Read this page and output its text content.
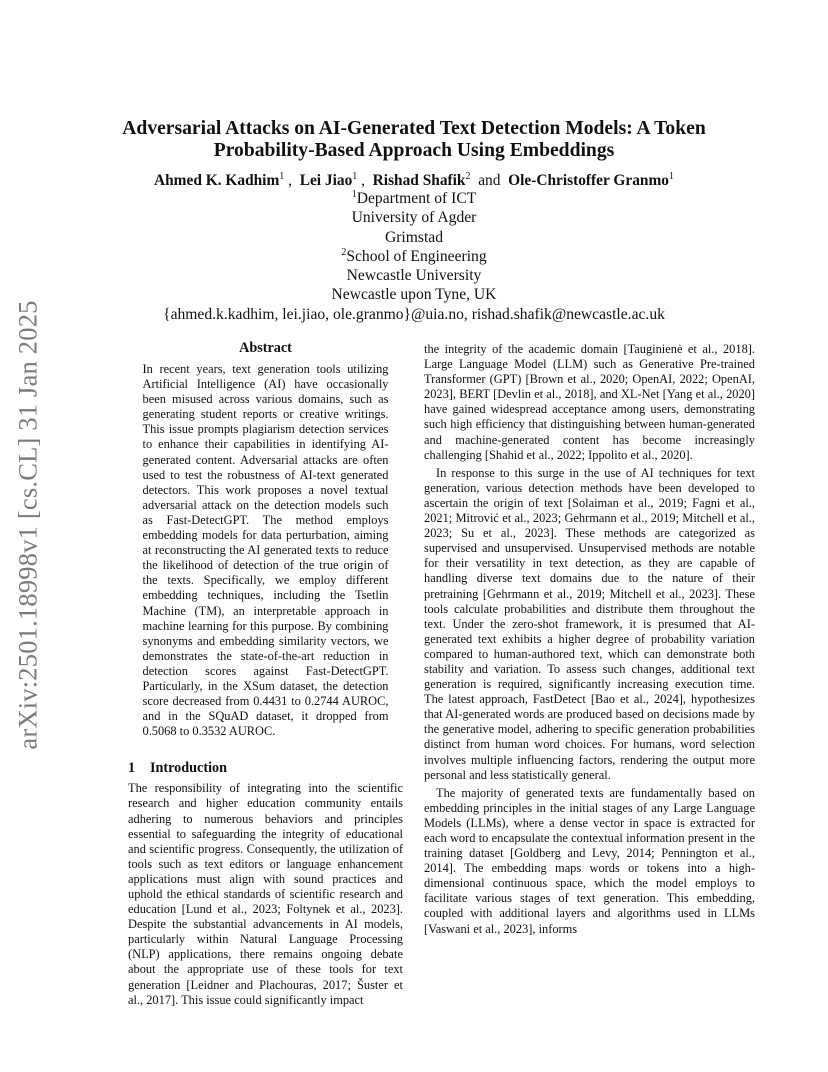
arXiv:2501.18998v1 [cs.CL] 31 Jan 2025
Adversarial Attacks on AI-Generated Text Detection Models: A Token
Probability-Based Approach Using Embeddings
Ahmed K. Kadhim$^1$ ,  Lei Jiao$^1$ ,  Rishad Shafik$^2$ and Ole-Christoffer Granmo$^1$
$^1$Department of ICT
University of Agder
Grimstad
$^2$School of Engineering
Newcastle University
Newcastle upon Tyne, UK
{ahmed.k.kadhim, lei.jiao, ole.granmo}@uia.no, rishad.shafik@newcastle.ac.uk
Abstract

In recent years, text generation tools utilizing Artificial Intelligence (AI) have occasionally been misused across various domains, such as generating student reports or creative writings. This issue prompts plagiarism detection services to enhance their capabilities in identifying AI-generated content. Adversarial attacks are often used to test the robustness of AI-text generated detectors. This work proposes a novel textual adversarial attack on the detection models such as Fast-DetectGPT. The method employs embedding models for data perturbation, aiming at reconstructing the AI generated texts to reduce the likelihood of detection of the true origin of the texts. Specifically, we employ different embedding techniques, including the Tsetlin Machine (TM), an interpretable approach in machine learning for this purpose. By combining synonyms and embedding similarity vectors, we demonstrates the state-of-the-art reduction in detection scores against Fast-DetectGPT. Particularly, in the XSum dataset, the detection score decreased from 0.4431 to 0.2744 AUROC, and in the SQuAD dataset, it dropped from 0.5068 to 0.3532 AUROC.

1 Introduction

The responsibility of integrating into the scientific research and higher education community entails adhering to numerous behaviors and principles essential to safeguarding the integrity of educational and scientific progress. Consequently, the utilization of tools such as text editors or language enhancement applications must align with sound practices and uphold the ethical standards of scientific research and education [Lund et al., 2023; Foltynek et al., 2023]. Despite the substantial advancements in AI models, particularly within Natural Language Processing (NLP) applications, there remains ongoing debate about the appropriate use of these tools for text generation [Leidner and Plachouras, 2017; Šuster et al., 2017]. This issue could significantly impact

the integrity of the academic domain [Tauginienė et al., 2018]. Large Language Model (LLM) such as Generative Pre-trained Transformer (GPT) [Brown et al., 2020; OpenAI, 2022; OpenAI, 2023], BERT [Devlin et al., 2018], and XL-Net [Yang et al., 2020] have gained widespread acceptance among users, demonstrating such high efficiency that distinguishing between human-generated and machine-generated content has become increasingly challenging [Shahid et al., 2022; Ippolito et al., 2020].

In response to this surge in the use of AI techniques for text generation, various detection methods have been developed to ascertain the origin of text [Solaiman et al., 2019; Fagni et al., 2021; Mitrović et al., 2023; Gehrmann et al., 2019; Mitchell et al., 2023; Su et al., 2023]. These methods are categorized as supervised and unsupervised. Unsupervised methods are notable for their versatility in text detection, as they are capable of handling diverse text domains due to the nature of their pretraining [Gehrmann et al., 2019; Mitchell et al., 2023]. These tools calculate probabilities and distribute them throughout the text. Under the zero-shot framework, it is presumed that AI-generated text exhibits a higher degree of probability variation compared to human-authored text, which can demonstrate both stability and variation. To assess such changes, additional text generation is required, significantly increasing execution time. The latest approach, FastDetect [Bao et al., 2024], hypothesizes that AI-generated words are produced based on decisions made by the generative model, adhering to specific generation probabilities distinct from human word choices. For humans, word selection involves multiple influencing factors, rendering the output more personal and less statistically general.

The majority of generated texts are fundamentally based on embedding principles in the initial stages of any Large Language Models (LLMs), where a dense vector in space is extracted for each word to encapsulate the contextual information present in the training dataset [Goldberg and Levy, 2014; Pennington et al., 2014]. The embedding maps words or tokens into a high-dimensional continuous space, which the model employs to facilitate various stages of text generation. This embedding, coupled with additional layers and algorithms used in LLMs [Vaswani et al., 2023], informs
